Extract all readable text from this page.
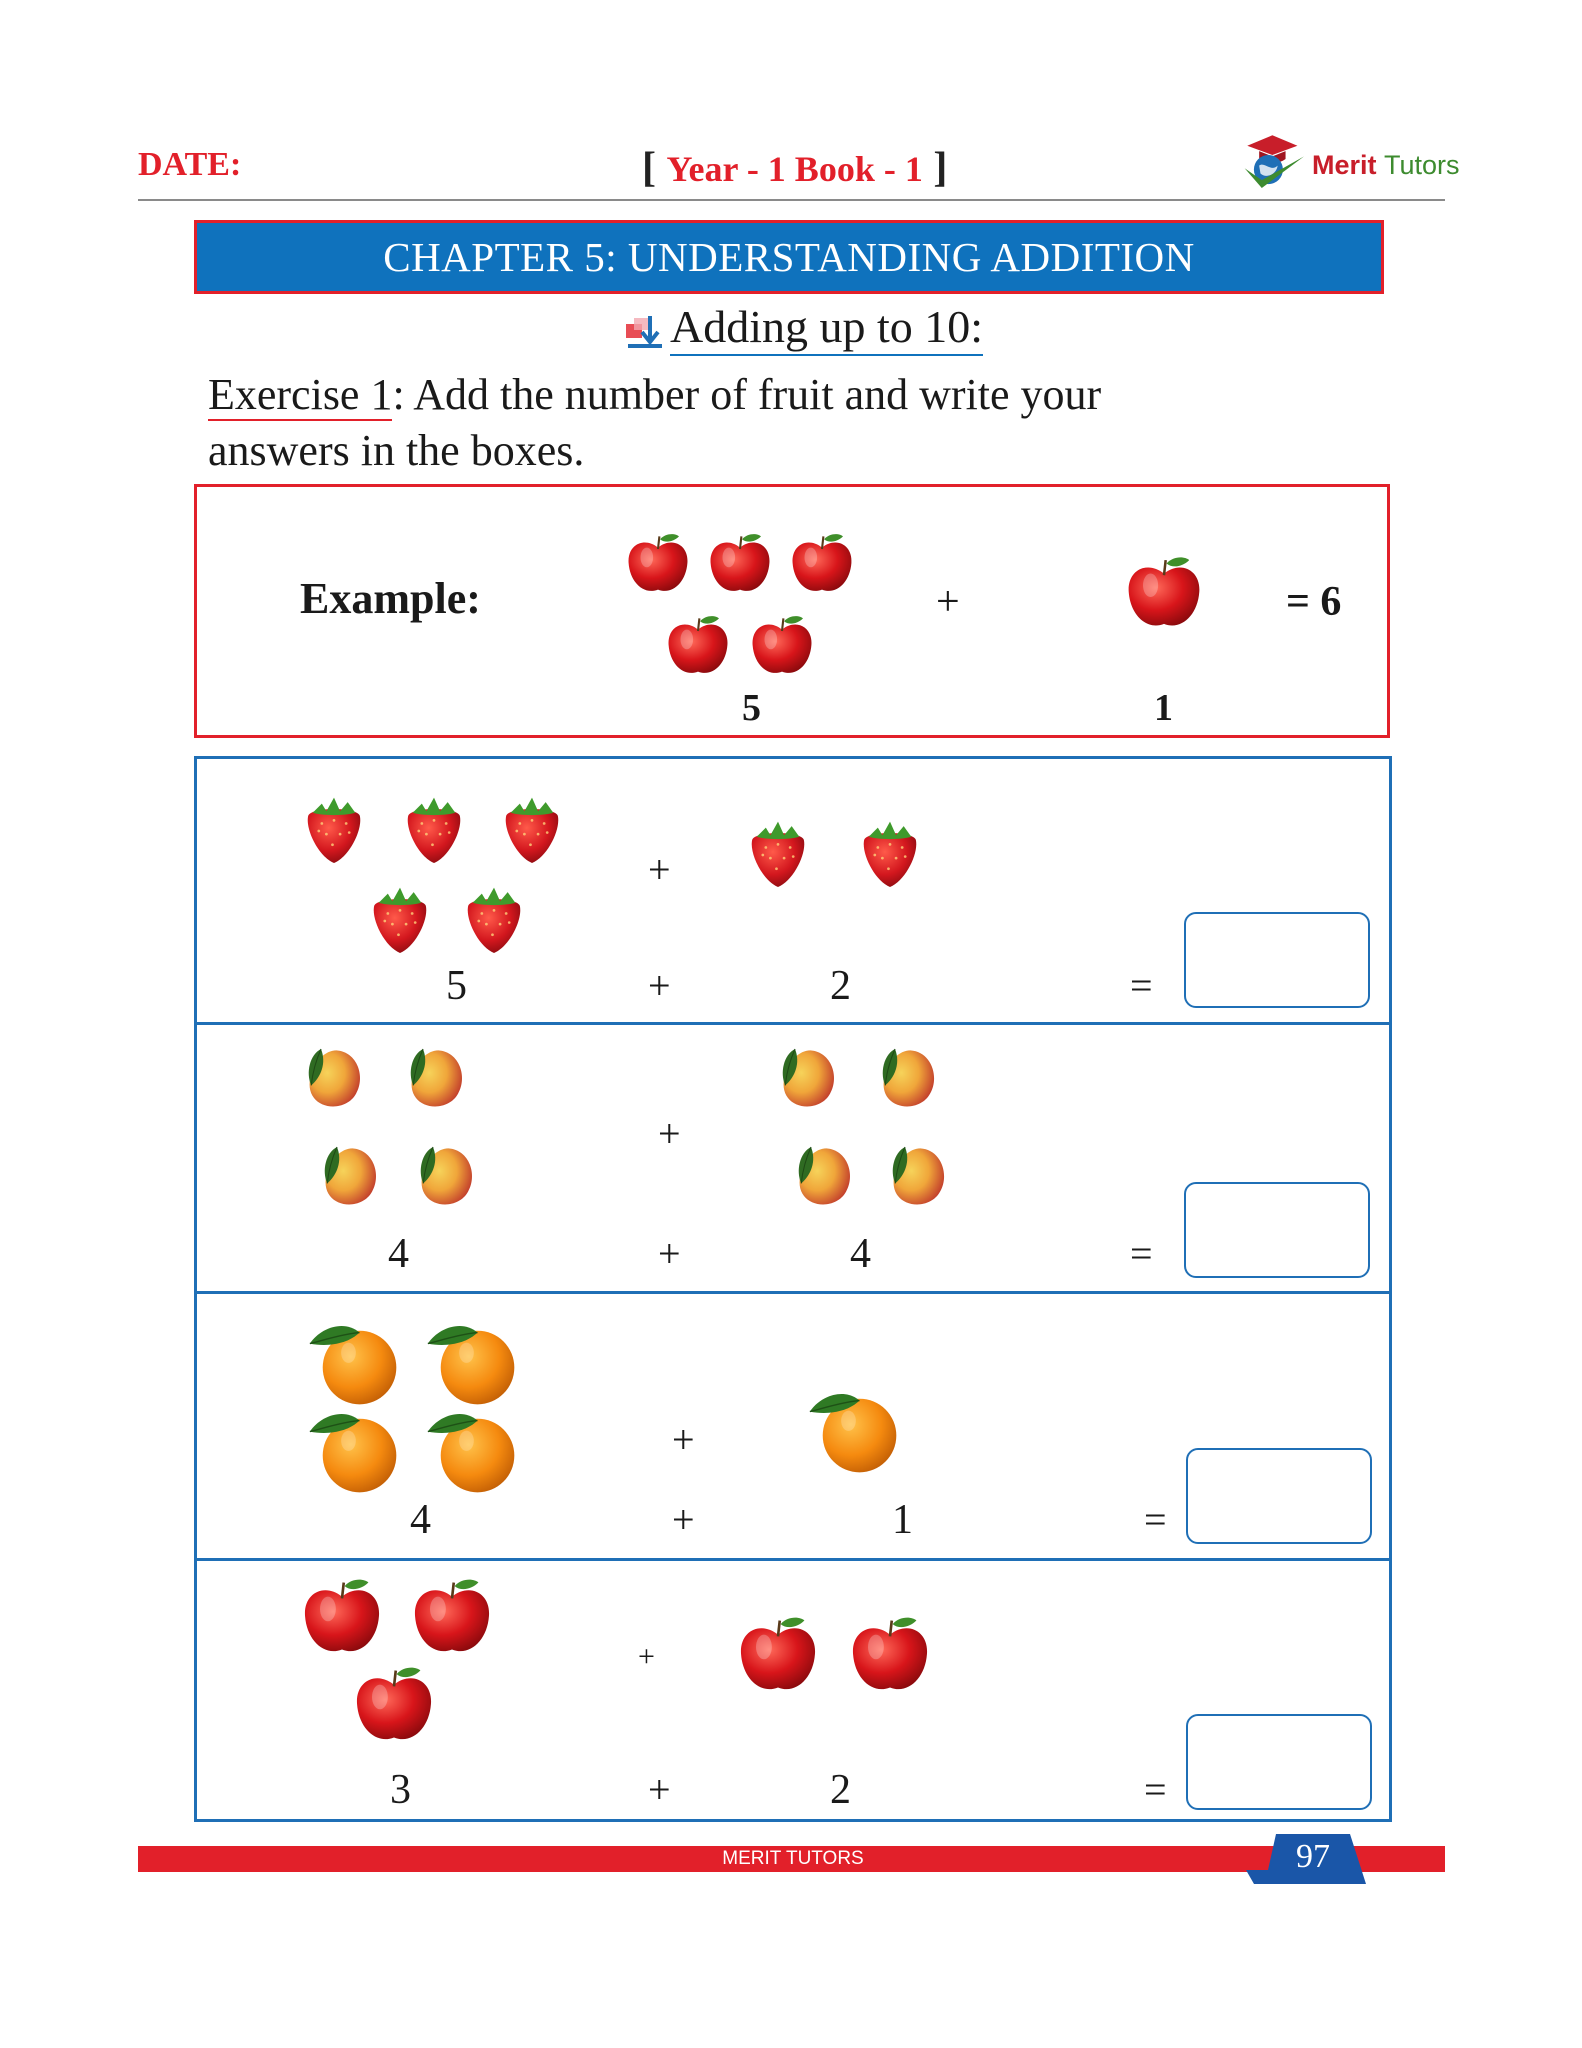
DATE:	[ Year - 1 Book - 1 ]	Merit Tutors
CHAPTER 5: UNDERSTANDING ADDITION
Adding up to 10:
Exercise 1: Add the number of fruit and write your
answers in the boxes.
Example:	+	= 6
5	1
+
5	+	2	=
+
4	+	4	=
+
4	+	1	=
+
3	+	2	=
MERIT TUTORS	97
